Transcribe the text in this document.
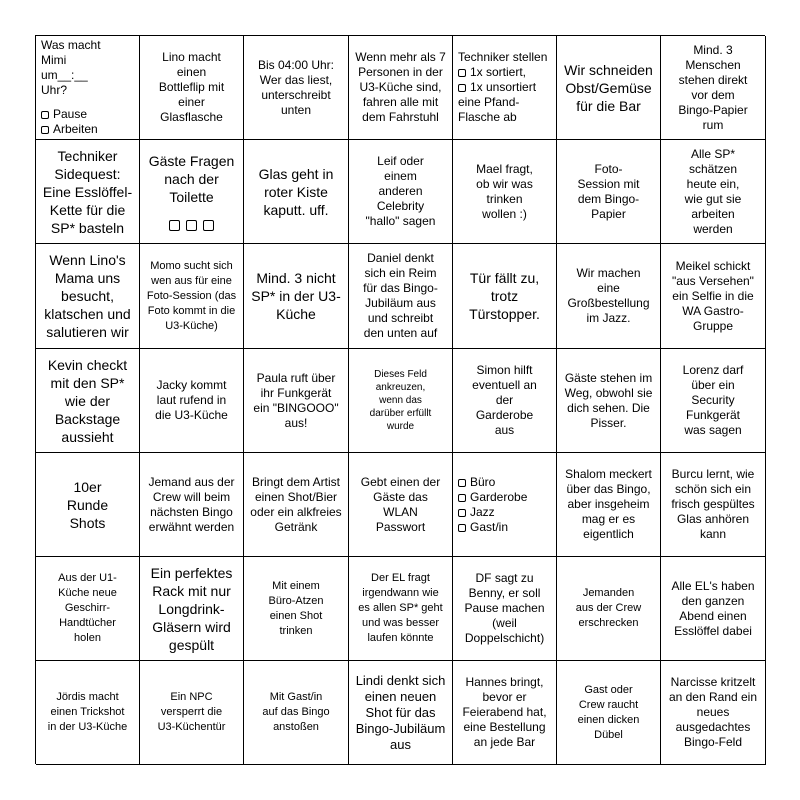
Was macht Mimi um__:__ Uhr?
Pause
Arbeiten
Lino macht einen Bottleflip mit einer Glasflasche
Bis 04:00 Uhr: Wer das liest, unterschreibt unten
Wenn mehr als 7 Personen in der U3-Küche sind, fahren alle mit dem Fahrstuhl
Techniker stellen
1x sortiert,
1x unsortiert eine Pfand-Flasche ab
Wir schneiden Obst/Gemüse für die Bar
Mind. 3 Menschen stehen direkt vor dem Bingo-Papier rum
Techniker Sidequest: Eine Esslöffel-Kette für die SP* basteln
Gäste Fragen nach der Toilette
Glas geht in roter Kiste kaputt. uff.
Leif oder einem anderen Celebrity "hallo" sagen
Mael fragt, ob wir was trinken wollen :)
Foto-Session mit dem Bingo-Papier
Alle SP* schätzen heute ein, wie gut sie arbeiten werden
Wenn Lino's Mama uns besucht, klatschen und salutieren wir
Momo sucht sich wen aus für eine Foto-Session (das Foto kommt in die U3-Küche)
Mind. 3 nicht SP* in der U3-Küche
Daniel denkt sich ein Reim für das Bingo-Jubiläum aus und schreibt den unten auf
Tür fällt zu, trotz Türstopper.
Wir machen eine Großbestellung im Jazz.
Meikel schickt "aus Versehen" ein Selfie in die WA Gastro-Gruppe
Kevin checkt mit den SP* wie der Backstage aussieht
Jacky kommt laut rufend in die U3-Küche
Paula ruft über ihr Funkgerät ein "BINGOOO" aus!
Dieses Feld ankreuzen, wenn das darüber erfüllt wurde
Simon hilft eventuell an der Garderobe aus
Gäste stehen im Weg, obwohl sie dich sehen. Die Pisser.
Lorenz darf über ein Security Funkgerät was sagen
10er Runde Shots
Jemand aus der Crew will beim nächsten Bingo erwähnt werden
Bringt dem Artist einen Shot/Bier oder ein alkfreies Getränk
Gebt einen der Gäste das WLAN Passwort
Büro
Garderobe
Jazz
Gast/in
Shalom meckert über das Bingo, aber insgeheim mag er es eigentlich
Burcu lernt, wie schön sich ein frisch gespültes Glas anhören kann
Aus der U1-Küche neue Geschirr-Handtücher holen
Ein perfektes Rack mit nur Longdrink-Gläsern wird gespült
Mit einem Büro-Atzen einen Shot trinken
Der EL fragt irgendwann wie es allen SP* geht und was besser laufen könnte
DF sagt zu Benny, er soll Pause machen (weil Doppelschicht)
Jemanden aus der Crew erschrecken
Alle EL's haben den ganzen Abend einen Esslöffel dabei
Jördis macht einen Trickshot in der U3-Küche
Ein NPC versperrt die U3-Küchentür
Mit Gast/in auf das Bingo anstoßen
Lindi denkt sich einen neuen Shot für das Bingo-Jubiläum aus
Hannes bringt, bevor er Feierabend hat, eine Bestellung an jede Bar
Gast oder Crew raucht einen dicken Dübel
Narcisse kritzelt an den Rand ein neues ausgedachtes Bingo-Feld
